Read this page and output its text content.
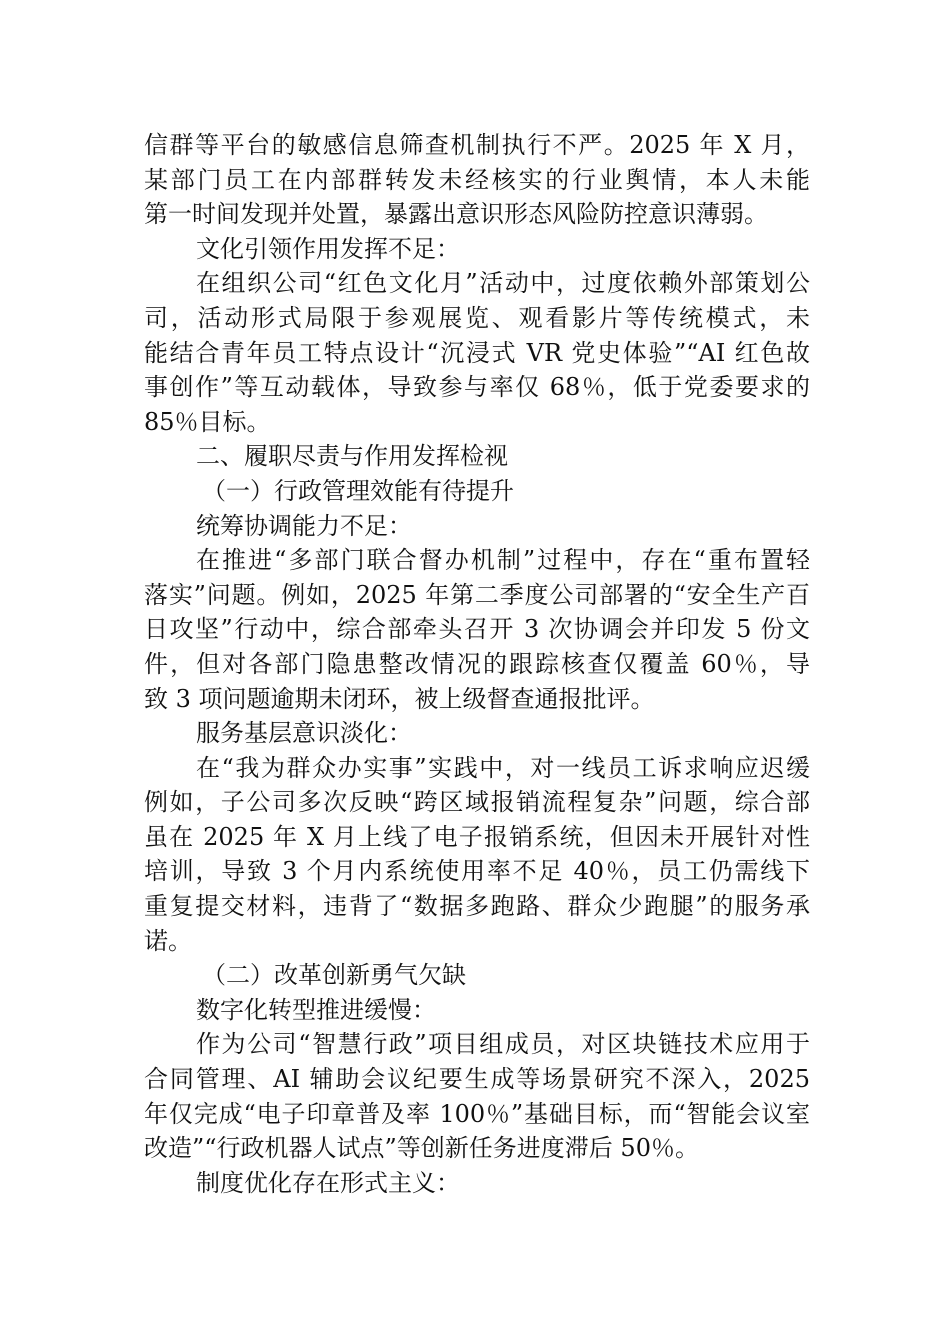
信群等平台的敏感信息筛查机制执行不严。2025 年 X 月，
某部门员工在内部群转发未经核实的行业舆情，本人未能
第一时间发现并处置，暴露出意识形态风险防控意识薄弱。
文化引领作用发挥不足：
在组织公司“红色文化月”活动中，过度依赖外部策划公
司，活动形式局限于参观展览、观看影片等传统模式，未
能结合青年员工特点设计“沉浸式 VR 党史体验”“AI 红色故
事创作”等互动载体，导致参与率仅 68％，低于党委要求的
85％目标。
二、履职尽责与作用发挥检视
（一）行政管理效能有待提升
统筹协调能力不足：
在推进“多部门联合督办机制”过程中，存在“重布置轻
落实”问题。例如，2025 年第二季度公司部署的“安全生产百
日攻坚”行动中，综合部牵头召开 3 次协调会并印发 5 份文
件，但对各部门隐患整改情况的跟踪核查仅覆盖 60％，导
致 3 项问题逾期未闭环，被上级督查通报批评。
服务基层意识淡化：
在“我为群众办实事”实践中，对一线员工诉求响应迟缓
例如，子公司多次反映“跨区域报销流程复杂”问题，综合部
虽在 2025 年 X 月上线了电子报销系统，但因未开展针对性
培训，导致 3 个月内系统使用率不足 40％，员工仍需线下
重复提交材料，违背了“数据多跑路、群众少跑腿”的服务承
诺。
（二）改革创新勇气欠缺
数字化转型推进缓慢：
作为公司“智慧行政”项目组成员，对区块链技术应用于
合同管理、AI 辅助会议纪要生成等场景研究不深入，2025
年仅完成“电子印章普及率 100％”基础目标，而“智能会议室
改造”“行政机器人试点”等创新任务进度滞后 50％。
制度优化存在形式主义：
